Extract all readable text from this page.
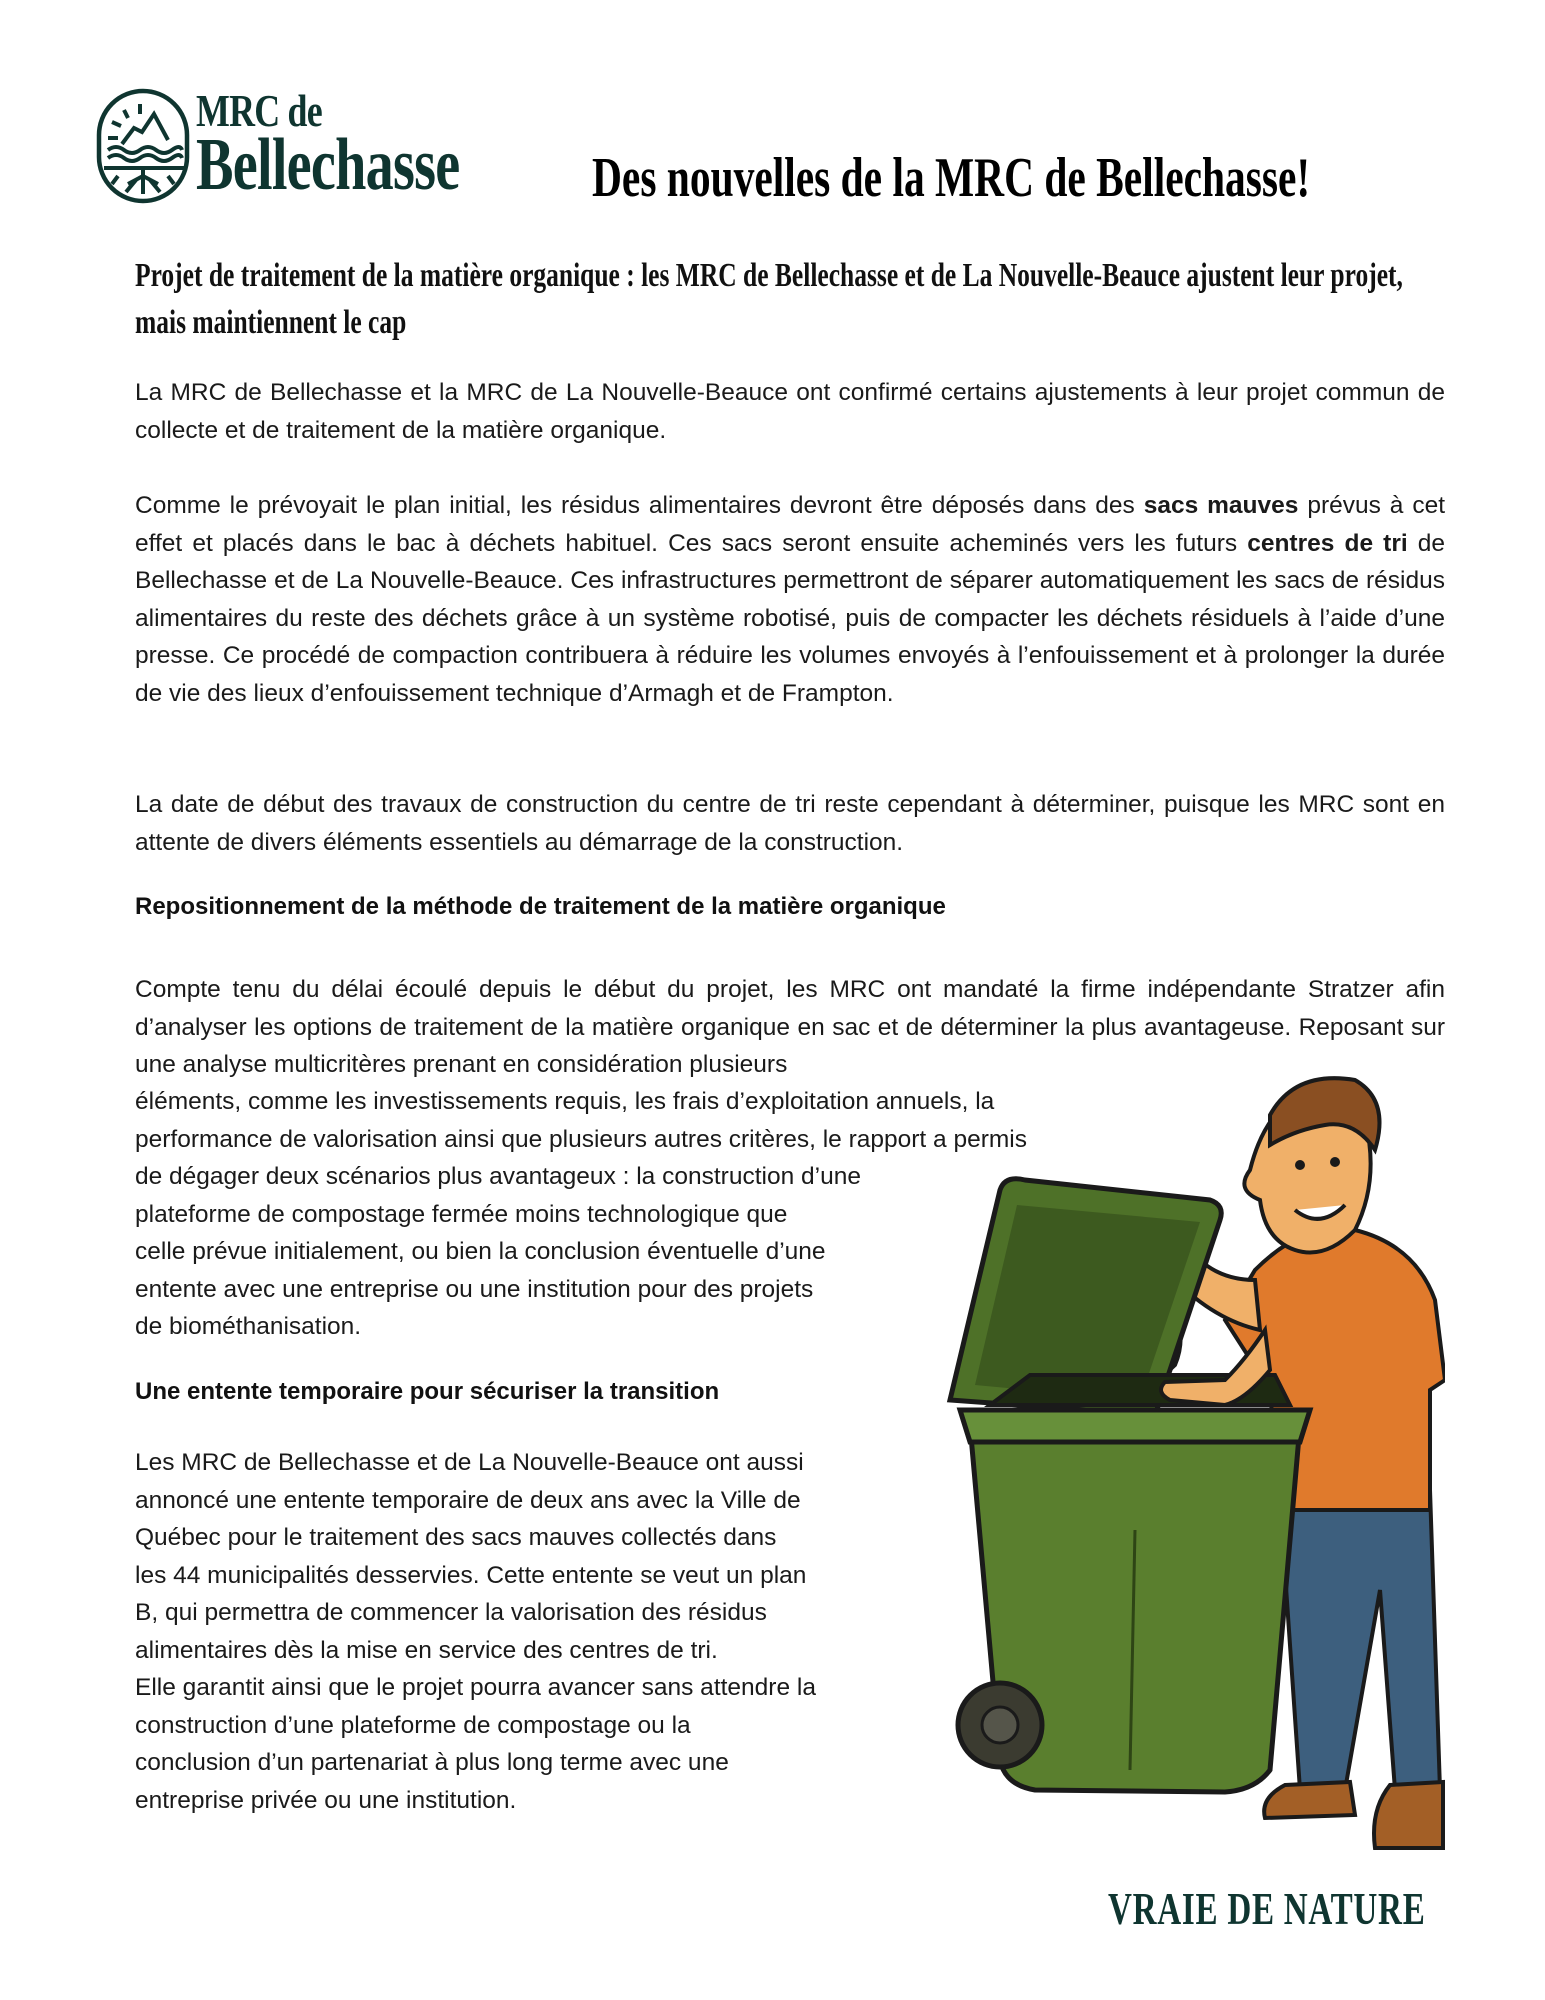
MRC de
Bellechasse Des nouvelles de la MRC de Bellechasse!
Projet de traitement de la matière organique : les MRC de Bellechasse et de La Nouvelle-Beauce ajustent leur projet, mais maintiennent le cap
La MRC de Bellechasse et la MRC de La Nouvelle-Beauce ont confirmé certains ajustements à leur projet commun de collecte et de traitement de la matière organique.
Comme le prévoyait le plan initial, les résidus alimentaires devront être déposés dans des sacs mauves prévus à cet effet et placés dans le bac à déchets habituel. Ces sacs seront ensuite acheminés vers les futurs centres de tri de Bellechasse et de La Nouvelle-Beauce. Ces infrastructures permettront de séparer automatiquement les sacs de résidus alimentaires du reste des déchets grâce à un système robotisé, puis de compacter les déchets résiduels à l’aide d’une presse. Ce procédé de compaction contribuera à réduire les volumes envoyés à l’enfouissement et à prolonger la durée de vie des lieux d’enfouissement technique d’Armagh et de Frampton.
La date de début des travaux de construction du centre de tri reste cependant à déterminer, puisque les MRC sont en attente de divers éléments essentiels au démarrage de la construction.
Repositionnement de la méthode de traitement de la matière organique
Compte tenu du délai écoulé depuis le début du projet, les MRC ont mandaté la firme indépendante Stratzer afin d’analyser les options de traitement de la matière organique en sac et de déterminer la plus avantageuse. Reposant sur une analyse multicritères prenant en considération plusieurs
éléments, comme les investissements requis, les frais d’exploitation annuels, la
performance de valorisation ainsi que plusieurs autres critères, le rapport a permis
de dégager deux scénarios plus avantageux : la construction d’une
plateforme de compostage fermée moins technologique que
celle prévue initialement, ou bien la conclusion éventuelle d’une
entente avec une entreprise ou une institution pour des projets
de biométhanisation.
Une entente temporaire pour sécuriser la transition
Les MRC de Bellechasse et de La Nouvelle-Beauce ont aussi
annoncé une entente temporaire de deux ans avec la Ville de
Québec pour le traitement des sacs mauves collectés dans
les 44 municipalités desservies. Cette entente se veut un plan
B, qui permettra de commencer la valorisation des résidus
alimentaires dès la mise en service des centres de tri.
Elle garantit ainsi que le projet pourra avancer sans attendre la
construction d’une plateforme de compostage ou la
conclusion d’un partenariat à plus long terme avec une
entreprise privée ou une institution.
VRAIE DE NATURE
